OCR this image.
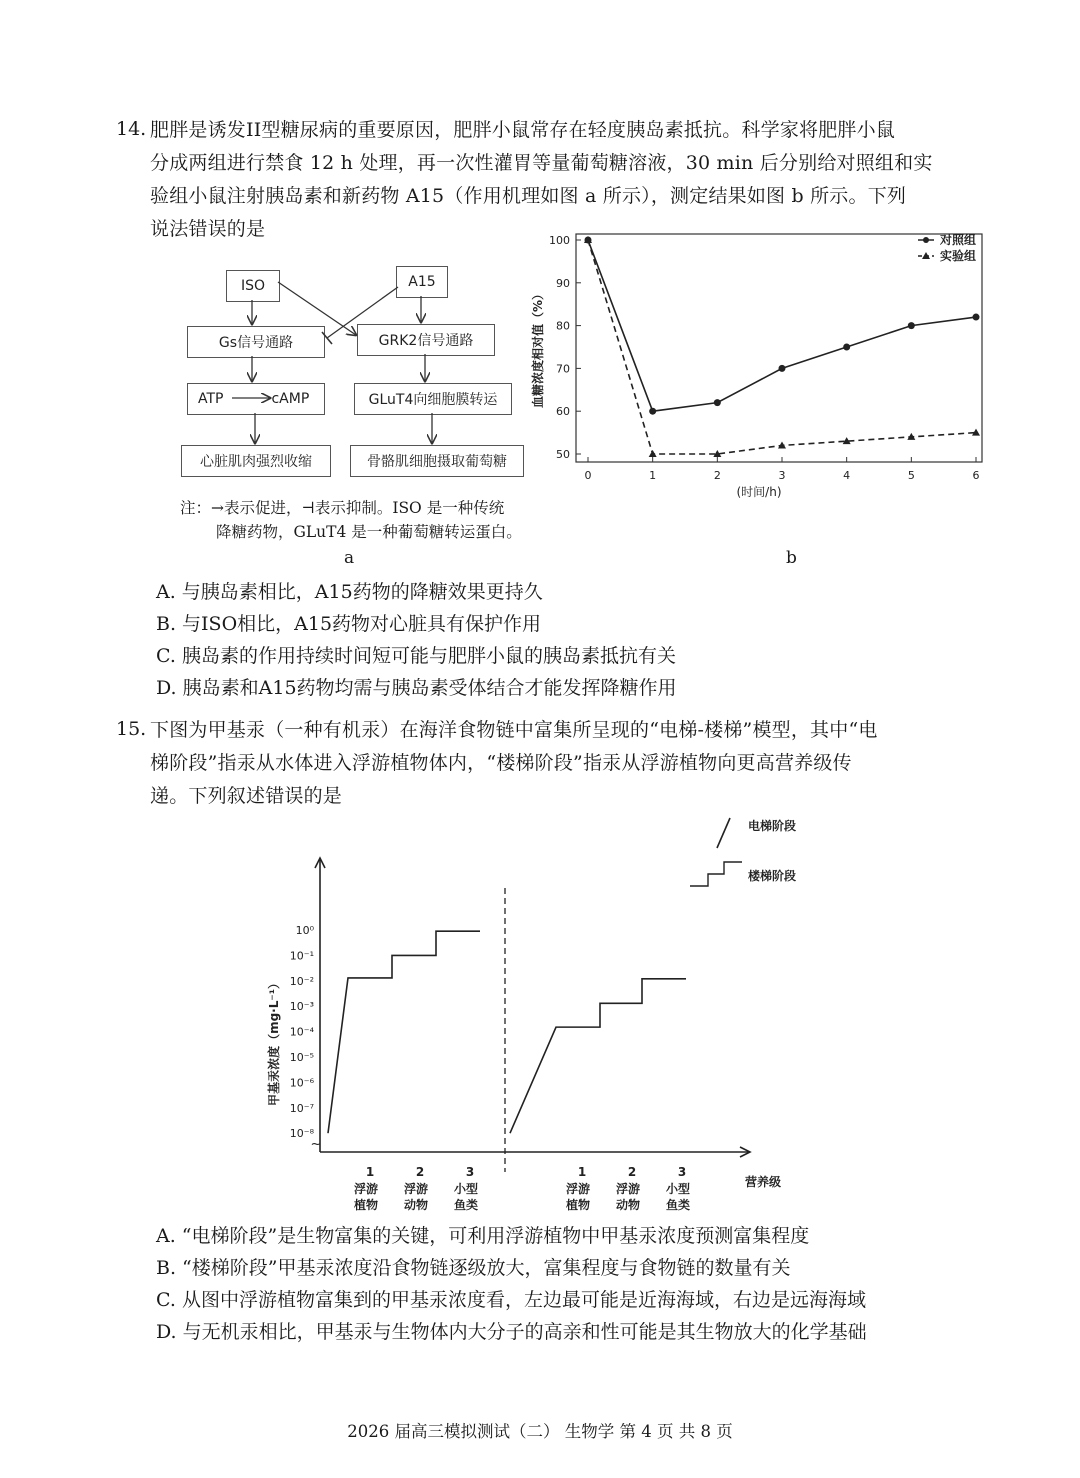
14. 肥胖是诱发II型糖尿病的重要原因，肥胖小鼠常存在轻度胰岛素抵抗。科学家将肥胖小鼠
分成两组进行禁食 12 h 处理，再一次性灌胃等量葡萄糖溶液，30 min 后分别给对照组和实
验组小鼠注射胰岛素和新药物 A15（作用机理如图 a 所示），测定结果如图 b 所示。下列
说法错误的是
ISO	A15
Gs信号通路	GRK2信号通路
ATP	cAMP	GLuT4向细胞膜转运
心脏肌肉强烈收缩	骨骼肌细胞摄取葡萄糖
注：→表示促进，⊣表示抑制。ISO 是一种传统
降糖药物，GLuT4 是一种葡萄糖转运蛋白。
a
50
60
70
80
90
100
0	1	2	3	4	5	6
(时间/h)
血糖浓度相对值（%）
对照组
实验组
b
A. 与胰岛素相比，A15药物的降糖效果更持久
B. 与ISO相比，A15药物对心脏具有保护作用
C. 胰岛素的作用持续时间短可能与肥胖小鼠的胰岛素抵抗有关
D. 胰岛素和A15药物均需与胰岛素受体结合才能发挥降糖作用
15. 下图为甲基汞（一种有机汞）在海洋食物链中富集所呈现的“电梯-楼梯”模型，其中“电
梯阶段”指汞从水体进入浮游植物体内，“楼梯阶段”指汞从浮游植物向更高营养级传
递。下列叙述错误的是
~
10⁰
10⁻¹
10⁻²
10⁻³
10⁻⁴
10⁻⁵
10⁻⁶
10⁻⁷
10⁻⁸
甲基汞浓度（mg·L⁻¹）
1
浮游
植物
2
浮游
动物
3
小型
鱼类
1
浮游
植物
2
浮游
动物
3
小型
鱼类
营养级
电梯阶段
楼梯阶段
A. “电梯阶段”是生物富集的关键，可利用浮游植物中甲基汞浓度预测富集程度
B. “楼梯阶段”甲基汞浓度沿食物链逐级放大，富集程度与食物链的数量有关
C. 从图中浮游植物富集到的甲基汞浓度看，左边最可能是近海海域，右边是远海海域
D. 与无机汞相比，甲基汞与生物体内大分子的高亲和性可能是其生物放大的化学基础
2026 届高三模拟测试（二） 生物学 第 4 页 共 8 页
